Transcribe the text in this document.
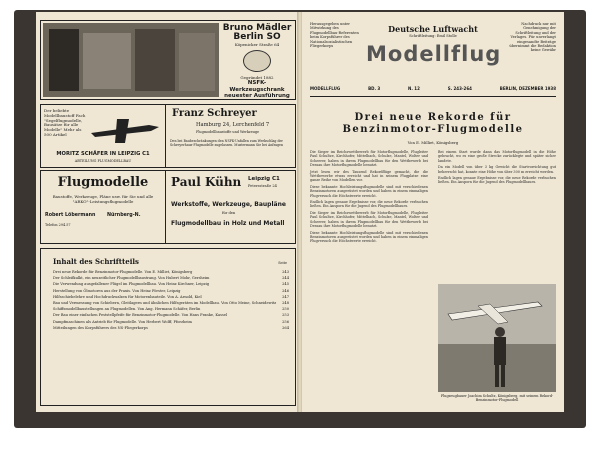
Bruno Mädler
Berlin SO
Köpenicker Straße 64
Gegründet 1882
NSFK-
Werkzeugschrank
neuester Ausführung
Der beliebte Modellbaustoff Fach "Segelflugmodelle, Bausätze für alle Modelle" Mehr als 500 Artikel
MORITZ SCHÄFER IN LEIPZIG C1
ABTEILUNG FLUGMODELLBAU
Franz Schreyer
Hamburg 24, Lerchenfeld 7
Flugmodellbaustoffe und Werkzeuge
Den bei Baubeschränkungen den NSFK-Unfallen zum Werkschlag der Schreyerhaus-Flugmodelle zugelassen. Mustermann Sie bei Anfragen
Flugmodelle
Baustoffe, Werkzeuge, Pläne usw. für Sie und alle "ARKO"-Leistungsflugmodelle
Robert Löbermann Nürnberg-N.
Telefon 294.57
Paul Kühn Leipzig C1
Petersstraße 24
Werkstoffe, Werkzeuge, Baupläne
für den
Flugmodellbau in Holz und Metall
Inhalt des Schriftteils	Seite
Drei neue Rekorde für Benzinmotor-Flugmodelle. Von E. Milliet, Königsberg	243
Der Schleifkulkt, ein neuzeitlicher Flugmodellbaustrang. Von Hubert Mohr, Gersheim	244
Die Verwendung ausgefallener Flügel im Flugmodellbau. Von Heinz Kirchner, Leipzig	245
Herstellung von Ölmotoren aus der Praxis. Von Heinz Förster, Leipzig	246
Hilfsschiebelehre und Hochdruckwalzen für Motorenbauteile. Von A. Arnold, Kiel	247
Bau und Vermessung von Schiebern, Gleitlagern und ähnlichen Hilfsgeräten im Modellbau. Von Otto Meine, Schneidewitz	248
Schiffsmodellbaustellungen an Flugmodellen. Von Ang. Hermann Schäfer, Berlin	250
Der Bau einer einfachen Feststellpfeife für Benzinmotor-Flugmodelle. Von Hans Franke, Kassel	253
Dampfmaschinen als Antrieb für Flugmodelle. Von Herbert Wolff, Pforzheim	256
Mitteilungen des Korpsführers des NS-Fliegerkorps	264
Herausgegeben unter Mitwirkung des Flugmodellbau-Referenten beim Korpsführer des Nationalsozialistischen Fliegerkorps
Deutsche Luftwacht
Schriftleitung: Emil Stolle
Modellflug
Nachdruck nur mit Genehmigung der Schriftleitung und der Verlages. Für unverlangt eingesandte Beiträge übernimmt die Redaktion keine Gewähr
MODELLFLUG	BD. 3	N. 12	S. 243-264	BERLIN, DEZEMBER 1938
Drei neue Rekorde für Benzinmotor-Flugmodelle
Von E. Milliet, Königsberg

Die Sieger im Reichswettbewerb für Motorflugmodelle, Flugleiter Paul Schultze, Kirchhofer, Mittelbach, Schulze, Mantel, Wolter und Scheerer, haben in ihrem Flugmodellbau für den Wettbewerb bei Dessau ihre Motorflugmodelle benutzt.

Jetzt lesen wir des Tausend Rekordflüge gemacht, die die Wettbewerbe etwas erreicht und hat in seinem Flugplatze eine ganze Reihe von Modellen vor.

Diese bekannte Hochleistungsflugmodelle sind mit verschiedenen Benzinmotoren ausgerüstet worden und haben in einem einmaligen Flugversuch die Höchstwerte erreicht.

Endlich lagen genaue Ergebnisse vor, die neue Rekorde verbuchen ließen. Ein Ansporn für die Jugend des Flugmodellbaues.

Die Sieger im Reichswettbewerb für Motorflugmodelle, Flugleiter Paul Schultze, Kirchhofer, Mittelbach, Schulze, Mantel, Wolter und Scheerer, haben in ihrem Flugmodellbau für den Wettbewerb bei Dessau ihre Motorflugmodelle benutzt.

Diese bekannte Hochleistungsflugmodelle sind mit verschiedenen Benzinmotoren ausgerüstet worden und haben in einem einmaligen Flugversuch die Höchstwerte erreicht.

Bei einem Start wurde dann das Motorflugmodell in die Höhe gebracht, wo es eine große Strecke zurücklegte und später sicher landete.

Da ein Modell von über 3 kg Gewicht die Startvorrichtung gut beherrscht hat, konnte eine Höhe von über 300 m erreicht werden.

Endlich lagen genaue Ergebnisse vor, die neue Rekorde verbuchen ließen. Ein Ansporn für die Jugend des Flugmodellbaues.

Flugzeugbauer Joachim Schultz, Königsberg, mit seinem Rekord-Benzinmotor-Flugmodell
